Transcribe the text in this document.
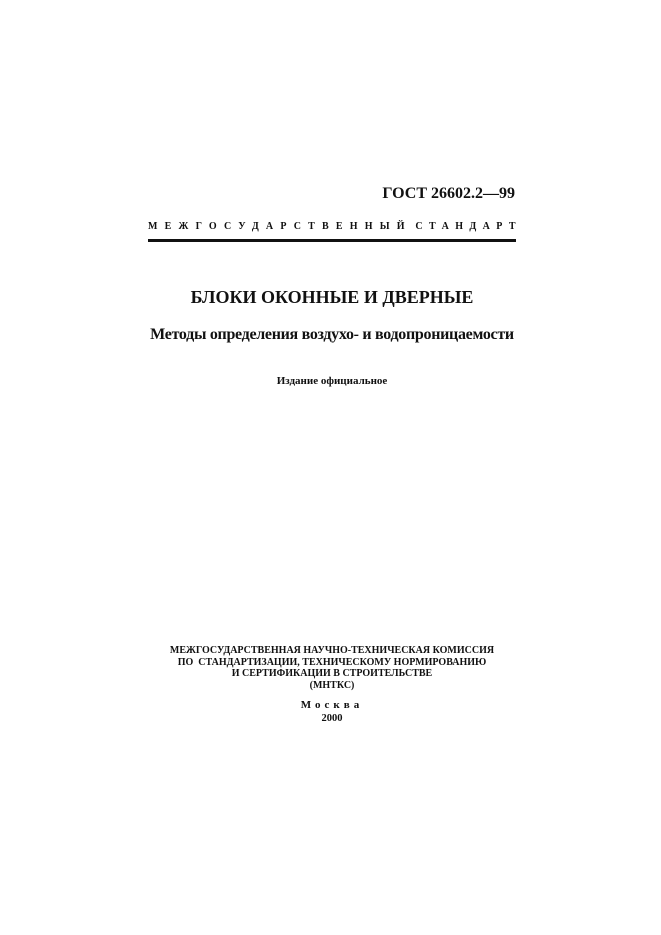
ГОСТ 26602.2—99
МЕЖГОСУДАРСТВЕННЫЙ СТАНДАРТ
БЛОКИ ОКОННЫЕ И ДВЕРНЫЕ
Методы определения воздухо- и водопроницаемости
Издание официальное
МЕЖГОСУДАРСТВЕННАЯ НАУЧНО-ТЕХНИЧЕСКАЯ КОМИССИЯ
ПО  СТАНДАРТИЗАЦИИ, ТЕХНИЧЕСКОМУ НОРМИРОВАНИЮ
И СЕРТИФИКАЦИИ В СТРОИТЕЛЬСТВЕ
(МНТКС)
Москва
2000
